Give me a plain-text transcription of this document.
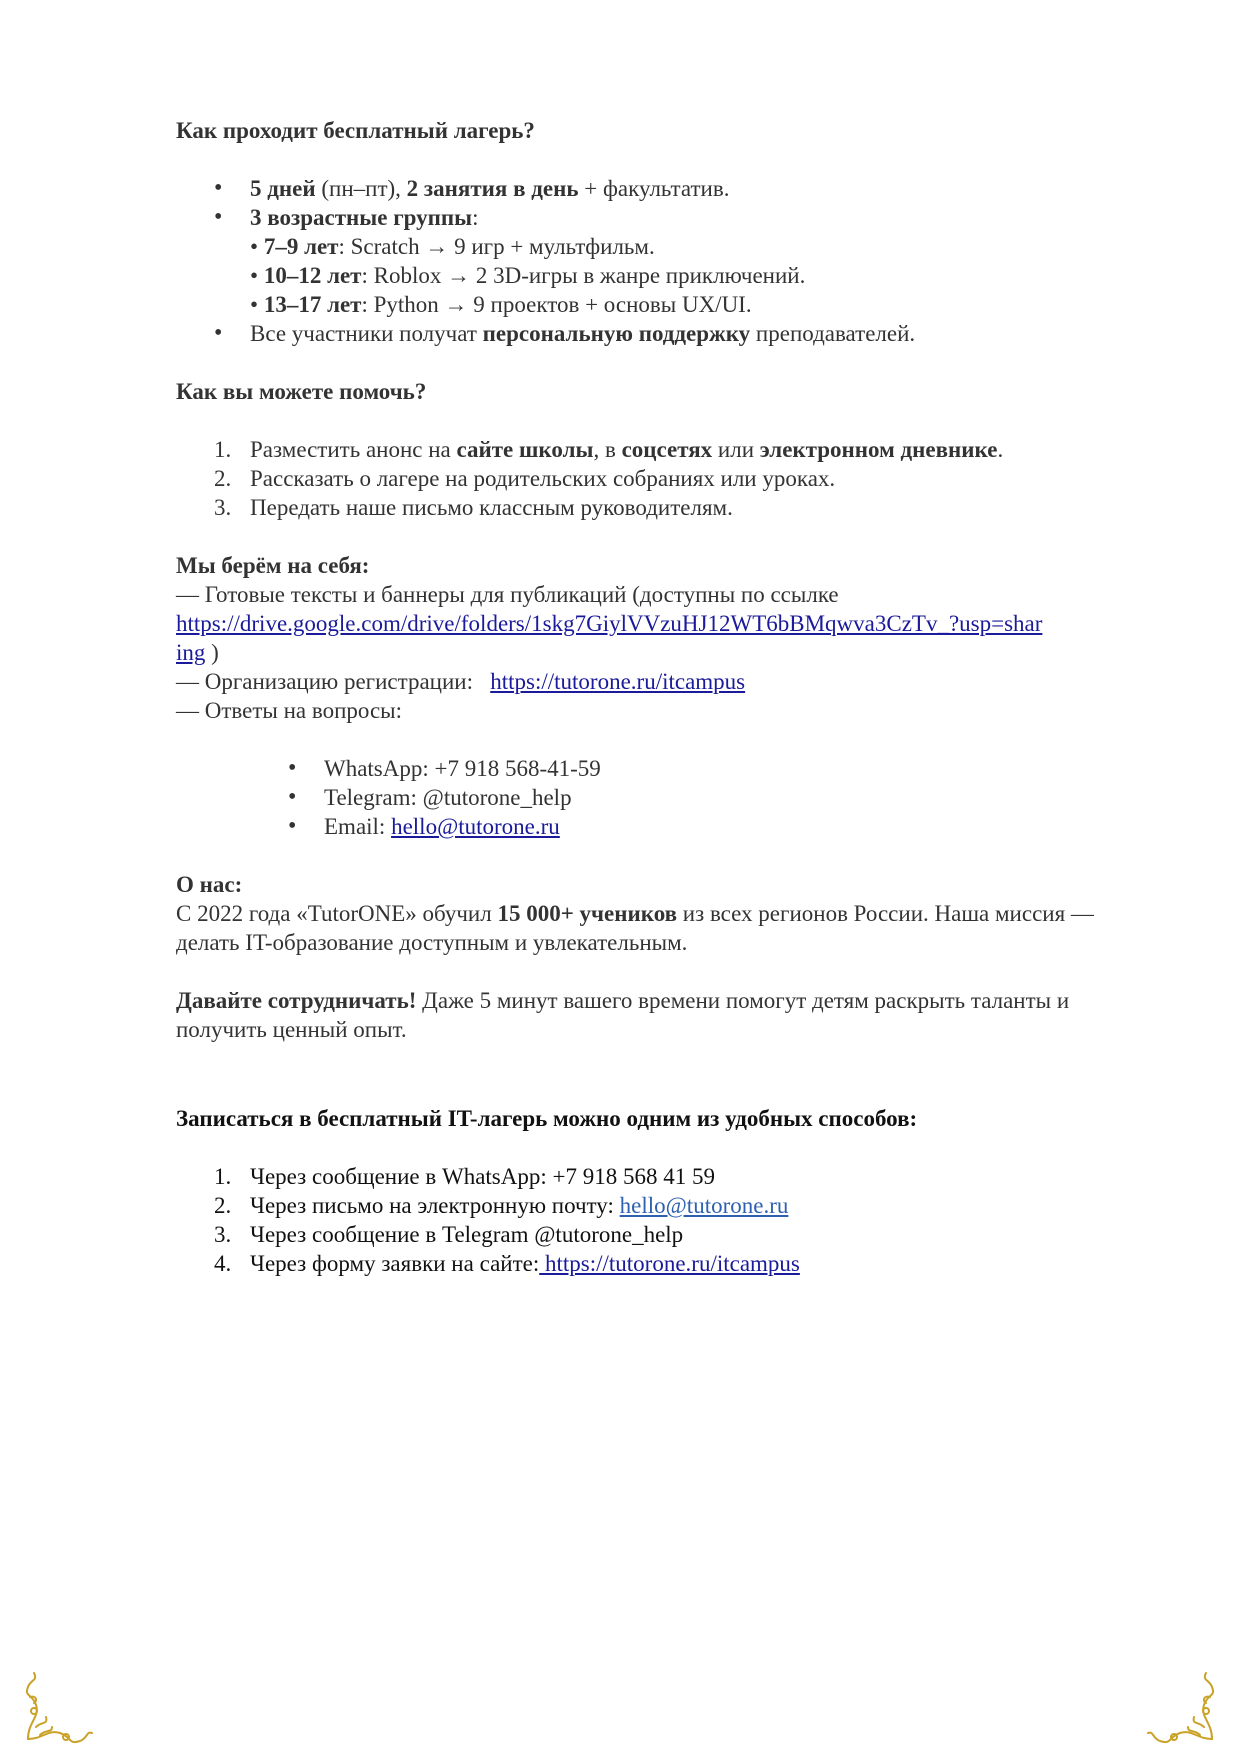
Как проходит бесплатный лагерь?

• 5 дней (пн–пт), 2 занятия в день + факультатив.
• 3 возрастные группы:
• 7–9 лет: Scratch → 9 игр + мультфильм.
• 10–12 лет: Roblox → 2 3D-игры в жанре приключений.
• 13–17 лет: Python → 9 проектов + основы UX/UI.
• Все участники получат персональную поддержку преподавателей.

Как вы можете помочь?

1. Разместить анонс на сайте школы, в соцсетях или электронном дневнике.
2. Рассказать о лагере на родительских собраниях или уроках.
3. Передать наше письмо классным руководителям.

Мы берём на себя:

— Готовые тексты и баннеры для публикаций (доступны по ссылке
https://drive.google.com/drive/folders/1skg7GiylVVzuHJ12WT6bBMqwva3CzTv_?usp=shar
ing )

— Организацию регистрации:   https://tutorone.ru/itcampus

— Ответы на вопросы:

• WhatsApp: +7 918 568-41-59
• Telegram: @tutorone_help
• Email: hello@tutorone.ru

О нас:

С 2022 года «TutorONE» обучил 15 000+ учеников из всех регионов России. Наша миссия — делать IT-образование доступным и увлекательным.

Давайте сотрудничать! Даже 5 минут вашего времени помогут детям раскрыть таланты и получить ценный опыт.

Записаться в бесплатный IT-лагерь можно одним из удобных способов:

1. Через сообщение в WhatsApp: +7 918 568 41 59
2. Через письмо на электронную почту: hello@tutorone.ru
3. Через сообщение в Telegram @tutorone_help
4. Через форму заявки на сайте: https://tutorone.ru/itcampus
